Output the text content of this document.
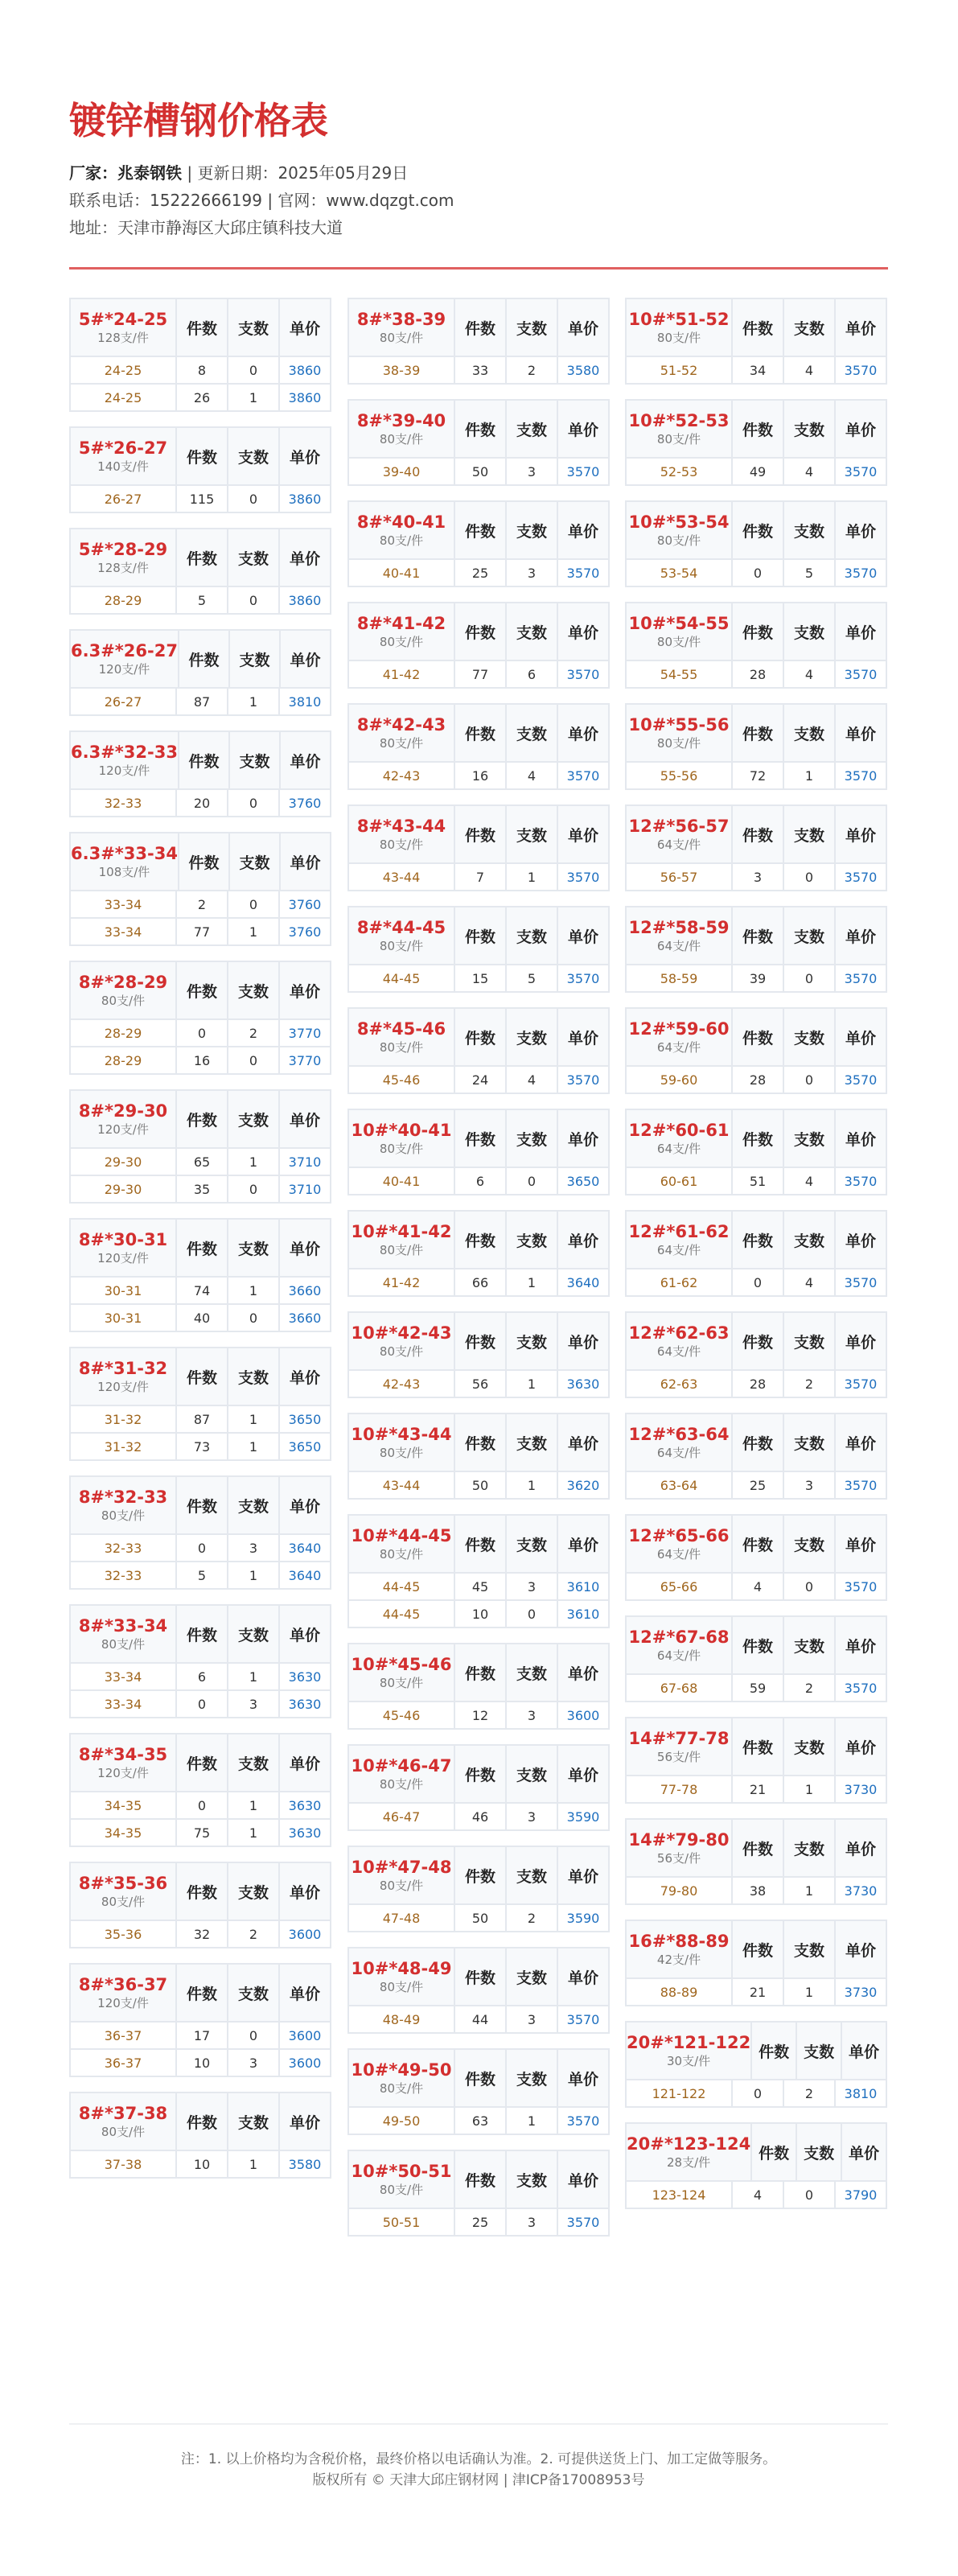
镀锌槽钢价格表
厂家：兆泰钢铁 | 更新日期：2025年05月29日
联系电话：15222666199 | 官网：www.dqzgt.com
地址：天津市静海区大邱庄镇科技大道
5#*24-25
128支/件
件数	支数	单价
24-25	8	0	3860
24-25	26	1	3860
5#*26-27
140支/件
件数	支数	单价
26-27	115	0	3860
5#*28-29
128支/件
件数	支数	单价
28-29	5	0	3860
6.3#*26-27
120支/件
件数	支数	单价
26-27	87	1	3810
6.3#*32-33
120支/件
件数	支数	单价
32-33	20	0	3760
6.3#*33-34
108支/件
件数	支数	单价
33-34	2	0	3760
33-34	77	1	3760
8#*28-29
80支/件
件数	支数	单价
28-29	0	2	3770
28-29	16	0	3770
8#*29-30
120支/件
件数	支数	单价
29-30	65	1	3710
29-30	35	0	3710
8#*30-31
120支/件
件数	支数	单价
30-31	74	1	3660
30-31	40	0	3660
8#*31-32
120支/件
件数	支数	单价
31-32	87	1	3650
31-32	73	1	3650
8#*32-33
80支/件
件数	支数	单价
32-33	0	3	3640
32-33	5	1	3640
8#*33-34
80支/件
件数	支数	单价
33-34	6	1	3630
33-34	0	3	3630
8#*34-35
120支/件
件数	支数	单价
34-35	0	1	3630
34-35	75	1	3630
8#*35-36
80支/件
件数	支数	单价
35-36	32	2	3600
8#*36-37
120支/件
件数	支数	单价
36-37	17	0	3600
36-37	10	3	3600
8#*37-38
80支/件
件数	支数	单价
37-38	10	1	3580
8#*38-39
80支/件
件数	支数	单价
38-39	33	2	3580
8#*39-40
80支/件
件数	支数	单价
39-40	50	3	3570
8#*40-41
80支/件
件数	支数	单价
40-41	25	3	3570
8#*41-42
80支/件
件数	支数	单价
41-42	77	6	3570
8#*42-43
80支/件
件数	支数	单价
42-43	16	4	3570
8#*43-44
80支/件
件数	支数	单价
43-44	7	1	3570
8#*44-45
80支/件
件数	支数	单价
44-45	15	5	3570
8#*45-46
80支/件
件数	支数	单价
45-46	24	4	3570
10#*40-41
80支/件
件数	支数	单价
40-41	6	0	3650
10#*41-42
80支/件
件数	支数	单价
41-42	66	1	3640
10#*42-43
80支/件
件数	支数	单价
42-43	56	1	3630
10#*43-44
80支/件
件数	支数	单价
43-44	50	1	3620
10#*44-45
80支/件
件数	支数	单价
44-45	45	3	3610
44-45	10	0	3610
10#*45-46
80支/件
件数	支数	单价
45-46	12	3	3600
10#*46-47
80支/件
件数	支数	单价
46-47	46	3	3590
10#*47-48
80支/件
件数	支数	单价
47-48	50	2	3590
10#*48-49
80支/件
件数	支数	单价
48-49	44	3	3570
10#*49-50
80支/件
件数	支数	单价
49-50	63	1	3570
10#*50-51
80支/件
件数	支数	单价
50-51	25	3	3570
10#*51-52
80支/件
件数	支数	单价
51-52	34	4	3570
10#*52-53
80支/件
件数	支数	单价
52-53	49	4	3570
10#*53-54
80支/件
件数	支数	单价
53-54	0	5	3570
10#*54-55
80支/件
件数	支数	单价
54-55	28	4	3570
10#*55-56
80支/件
件数	支数	单价
55-56	72	1	3570
12#*56-57
64支/件
件数	支数	单价
56-57	3	0	3570
12#*58-59
64支/件
件数	支数	单价
58-59	39	0	3570
12#*59-60
64支/件
件数	支数	单价
59-60	28	0	3570
12#*60-61
64支/件
件数	支数	单价
60-61	51	4	3570
12#*61-62
64支/件
件数	支数	单价
61-62	0	4	3570
12#*62-63
64支/件
件数	支数	单价
62-63	28	2	3570
12#*63-64
64支/件
件数	支数	单价
63-64	25	3	3570
12#*65-66
64支/件
件数	支数	单价
65-66	4	0	3570
12#*67-68
64支/件
件数	支数	单价
67-68	59	2	3570
14#*77-78
56支/件
件数	支数	单价
77-78	21	1	3730
14#*79-80
56支/件
件数	支数	单价
79-80	38	1	3730
16#*88-89
42支/件
件数	支数	单价
88-89	21	1	3730
20#*121-122
30支/件
件数 支数 单价
121-122	0	2	3810
20#*123-124
28支/件
件数 支数 单价
123-124	4	0	3790
注：1. 以上价格均为含税价格，最终价格以电话确认为准。2. 可提供送货上门、加工定做等服务。
版权所有 © 天津大邱庄钢材网 | 津ICP备17008953号
